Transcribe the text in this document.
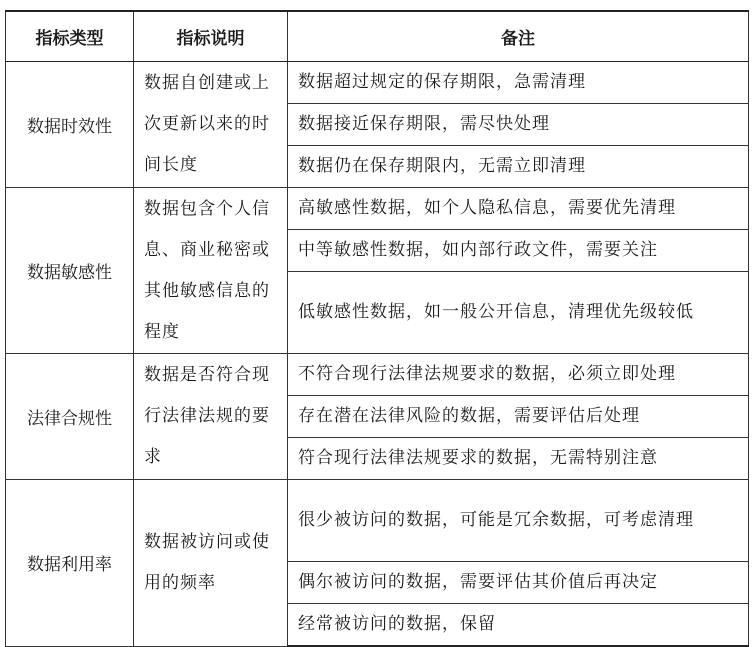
指标类型	指标说明	备注
数据时效性	数据自创建或上次更新以来的时间长度	数据超过规定的保存期限，急需清理
		数据接近保存期限，需尽快处理
		数据仍在保存期限内，无需立即清理
数据敏感性	数据包含个人信息、商业秘密或其他敏感信息的程度	高敏感性数据，如个人隐私信息，需要优先清理
		中等敏感性数据，如内部行政文件，需要关注
		低敏感性数据，如一般公开信息，清理优先级较低
法律合规性	数据是否符合现行法律法规的要求	不符合现行法律法规要求的数据，必须立即处理
		存在潜在法律风险的数据，需要评估后处理
		符合现行法律法规要求的数据，无需特别注意
数据利用率	数据被访问或使用的频率	很少被访问的数据，可能是冗余数据，可考虑清理
		偶尔被访问的数据，需要评估其价值后再决定
		经常被访问的数据，保留
